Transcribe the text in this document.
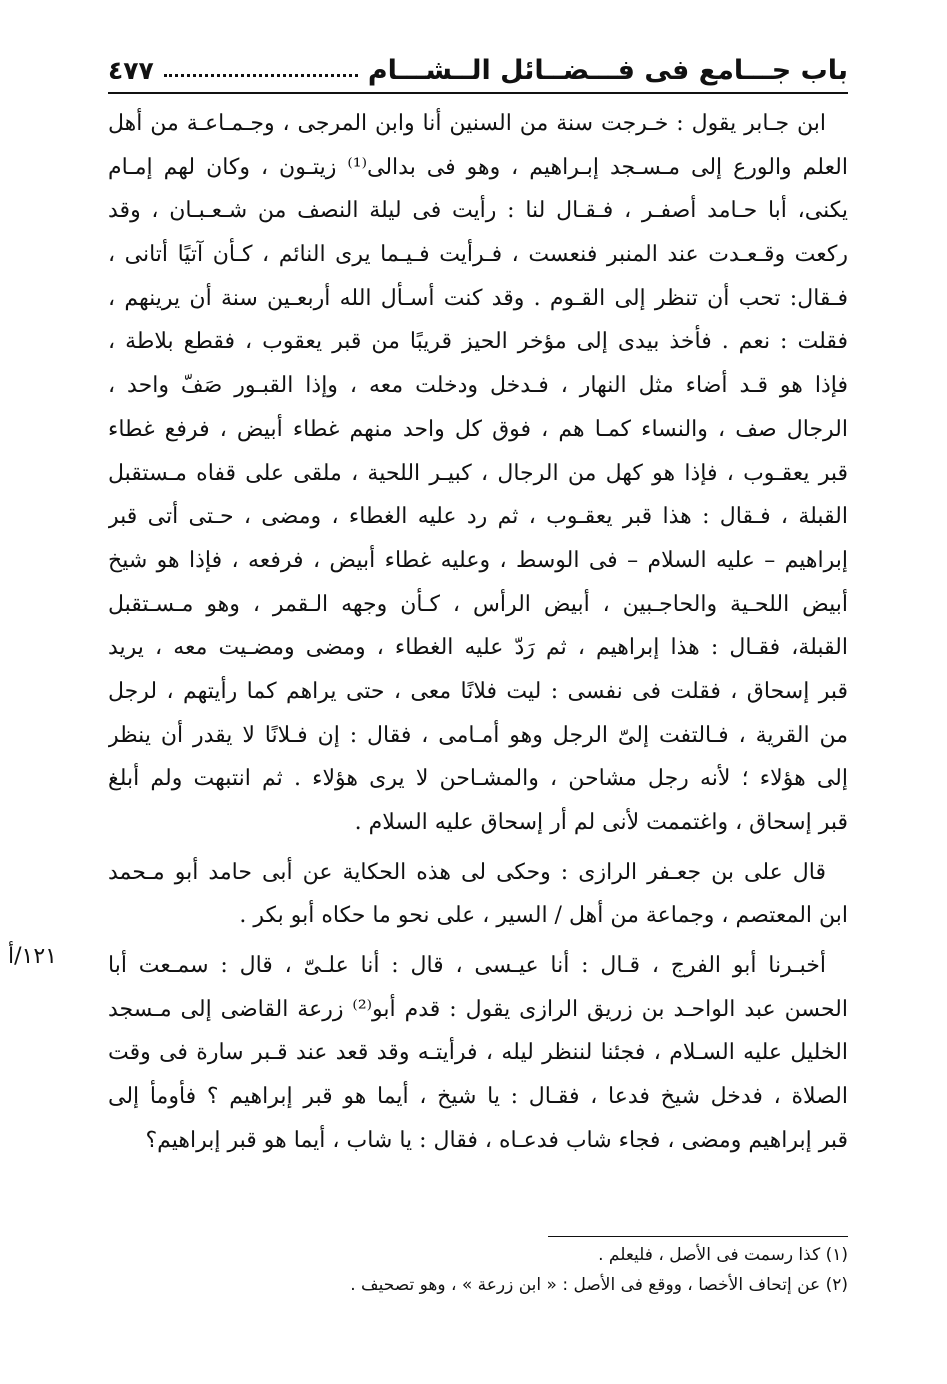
باب جـــامع فى فـــضــائل الــشـــام
٤٧٧
ابن جـابر يقول : خـرجت سنة من السنين أنا وابن المرجى ، وجـمـاعـة من أهل
العلم والورع إلى مـسـجد إبـراهيم ، وهو فى بدالى⁽¹⁾ زيتـون ، وكان لهم إمـام
يكنى، أبا حـامد أصفـر ، فـقـال لنا : رأيت فى ليلة النصف من شـعـبـان ، وقد
ركعت وقـعـدت عند المنبر فنعست ، فـرأيت فـيـما يرى النائم ، كـأن آتيًا أتانى ،
فـقال: تحب أن تنظر إلى القـوم . وقد كنت أسـأل الله أربعـين سنة أن يرينهم ،
فقلت : نعم . فأخذ بيدى إلى مؤخر الحيز قريبًا من قبر يعقوب ، فقطع بلاطة ،
فإذا هو قـد أضاء مثل النهار ، فـدخل ودخلت معه ، وإذا القبـور صَفّ واحد ،
الرجال صف ، والنساء كمـا هم ، فوق كل واحد منهم غطاء أبيض ، فرفع غطاء
قبر يعقـوب ، فإذا هو كهل من الرجال ، كبيـر اللحية ، ملقى على قفاه مـستقبل
القبلة ، فـقال : هذا قبر يعقـوب ، ثم رد عليه الغطاء ، ومضى ، حـتى أتى قبر
إبراهيم – عليه السلام – فى الوسط ، وعليه غطاء أبيض ، فرفعه ، فإذا هو شيخ
أبيض اللحـية والحاجـبين ، أبيض الرأس ، كـأن وجهه الـقمر ، وهو مـسـتقبل
القبلة، فقـال : هذا إبراهيم ، ثم رَدّ عليه الغطاء ، ومضى ومضـيت معه ، يريد
قبر إسحاق ، فقلت فى نفسى : ليت فلانًا معى ، حتى يراهم كما رأيتهم ، لرجل
من القرية ، فـالتفت إلىّ الرجل وهو أمـامى ، فقال : إن فـلانًا لا يقدر أن ينظر
إلى هؤلاء ؛ لأنه رجل مشاحن ، والمشـاحن لا يرى هؤلاء . ثم انتبهت ولم أبلغ
قبر إسحاق ، واغتممت لأنى لم أر إسحاق عليه السلام .
قال على بن جعـفر الرازى : وحكى لى هذه الحكاية عن أبى حامد أبو مـحمد
ابن المعتصم ، وجماعة من أهل / السير ، على نحو ما حكاه أبو بكر .
أخبـرنا أبو الفرج ، قـال : أنا عيـسى ، قال : أنا علـىّ ، قال : سمـعت أبا
الحسن عبد الواحـد بن زريق الرازى يقول : قدم أبو⁽²⁾ زرعة القاضى إلى مـسجد
الخليل عليه السـلام ، فجئنا لننظر ليله ، فرأيتـه وقد قعد عند قـبر سارة فى وقت
الصلاة ، فدخل شيخ فدعا ، فقـال : يا شيخ ، أيما هو قبر إبراهيم ؟ فأومأ إلى
قبر إبراهيم ومضى ، فجاء شاب فدعـاه ، فقال : يا شاب ، أيما هو قبر إبراهيم؟
١٢١/أ
(١) كذا رسمت فى الأصل ، فليعلم .
(٢) عن إتحاف الأخصا ، ووقع فى الأصل : « ابن زرعة » ، وهو تصحيف .
